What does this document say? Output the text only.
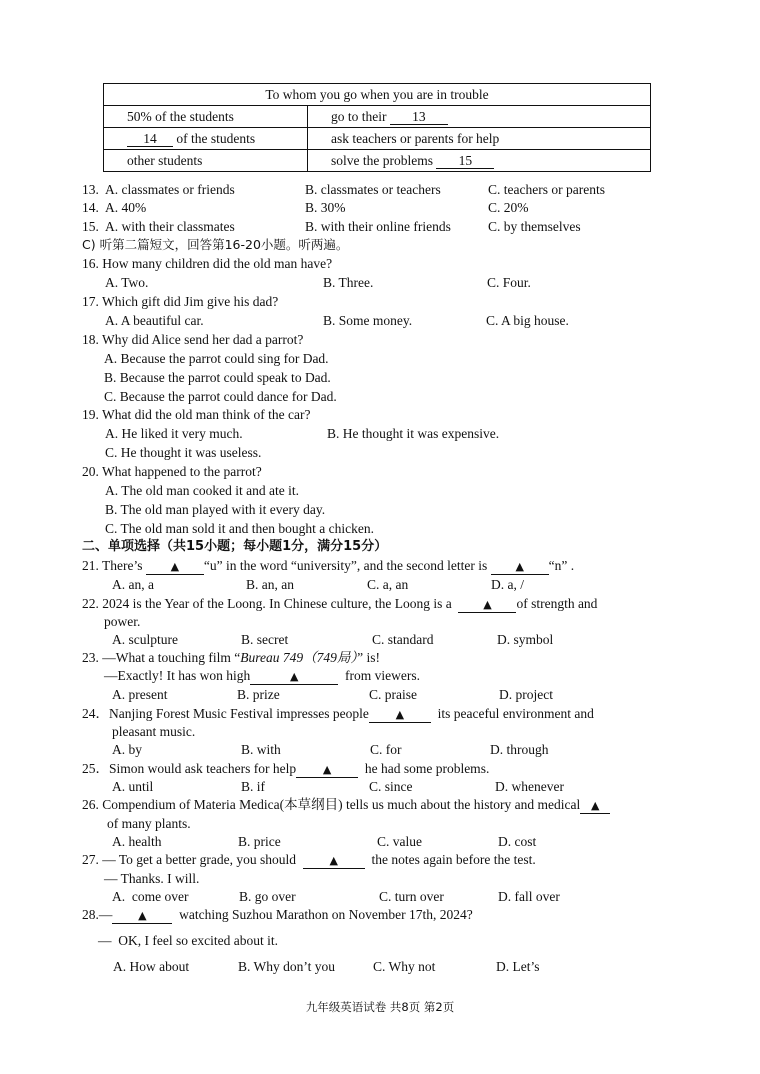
To whom you go when you are in trouble	
50% of the students	go to their 13
14 of the students	ask teachers or parents for help
other students	solve the problems 15
13. A. classmates or friends	B. classmates or teachers	C. teachers or parents
14. A. 40%	B. 30%	C. 20%
15. A. with their classmates	B. with their online friends	C. by themselves
C) 听第二篇短文，回答第16-20小题。听两遍。
16. How many children did the old man have?
A. Two.	B. Three.	C. Four.
17. Which gift did Jim give his dad?
A. A beautiful car.	B. Some money.	C. A big house.
18. Why did Alice send her dad a parrot?
A. Because the parrot could sing for Dad.
B. Because the parrot could speak to Dad.
C. Because the parrot could dance for Dad.
19. What did the old man think of the car?
A. He liked it very much.	B. He thought it was expensive.
C. He thought it was useless.
20. What happened to the parrot?
A. The old man cooked it and ate it.
B. The old man played with it every day.
C. The old man sold it and then bought a chicken.
二、单项选择（共15小题；每小题1分，满分15分）
21. There’s	▲ “u” in the word “university”, and the second letter is	▲ “n” .
A. an, a	B. an, an	C. a, an	D. a, /
22. 2024 is the Year of the Loong. In Chinese culture, the Loong is a	▲ of strength and
power.
A. sculpture	B. secret	C. standard	D. symbol
23. —What a touching film “Bureau 749（749局）” is!
—Exactly! It has won high	▲	from viewers.
A. present	B. prize	C. praise	D. project
24．Nanjing Forest Music Festival impresses people ▲ its peaceful environment and
pleasant music.
A. by	B. with	C. for	D. through
25．Simon would ask teachers for help ▲ he had some problems.
A. until	B. if	C. since	D. whenever
26. Compendium of Materia Medica(本草纲目) tells us much about the history and medical ▲
of many plants.
A. health	B. price	C. value	D. cost
27. — To get a better grade, you should	▲ the notes again before the test.
— Thanks. I will.
A.  come over	B. go over	C. turn over	D. fall over
28.— ▲ watching Suzhou Marathon on November 17th, 2024?
—  OK, I feel so excited about it.
A. How about	B. Why don’t you	C. Why not	D. Let’s
九年级英语试卷 共8页 第2页
